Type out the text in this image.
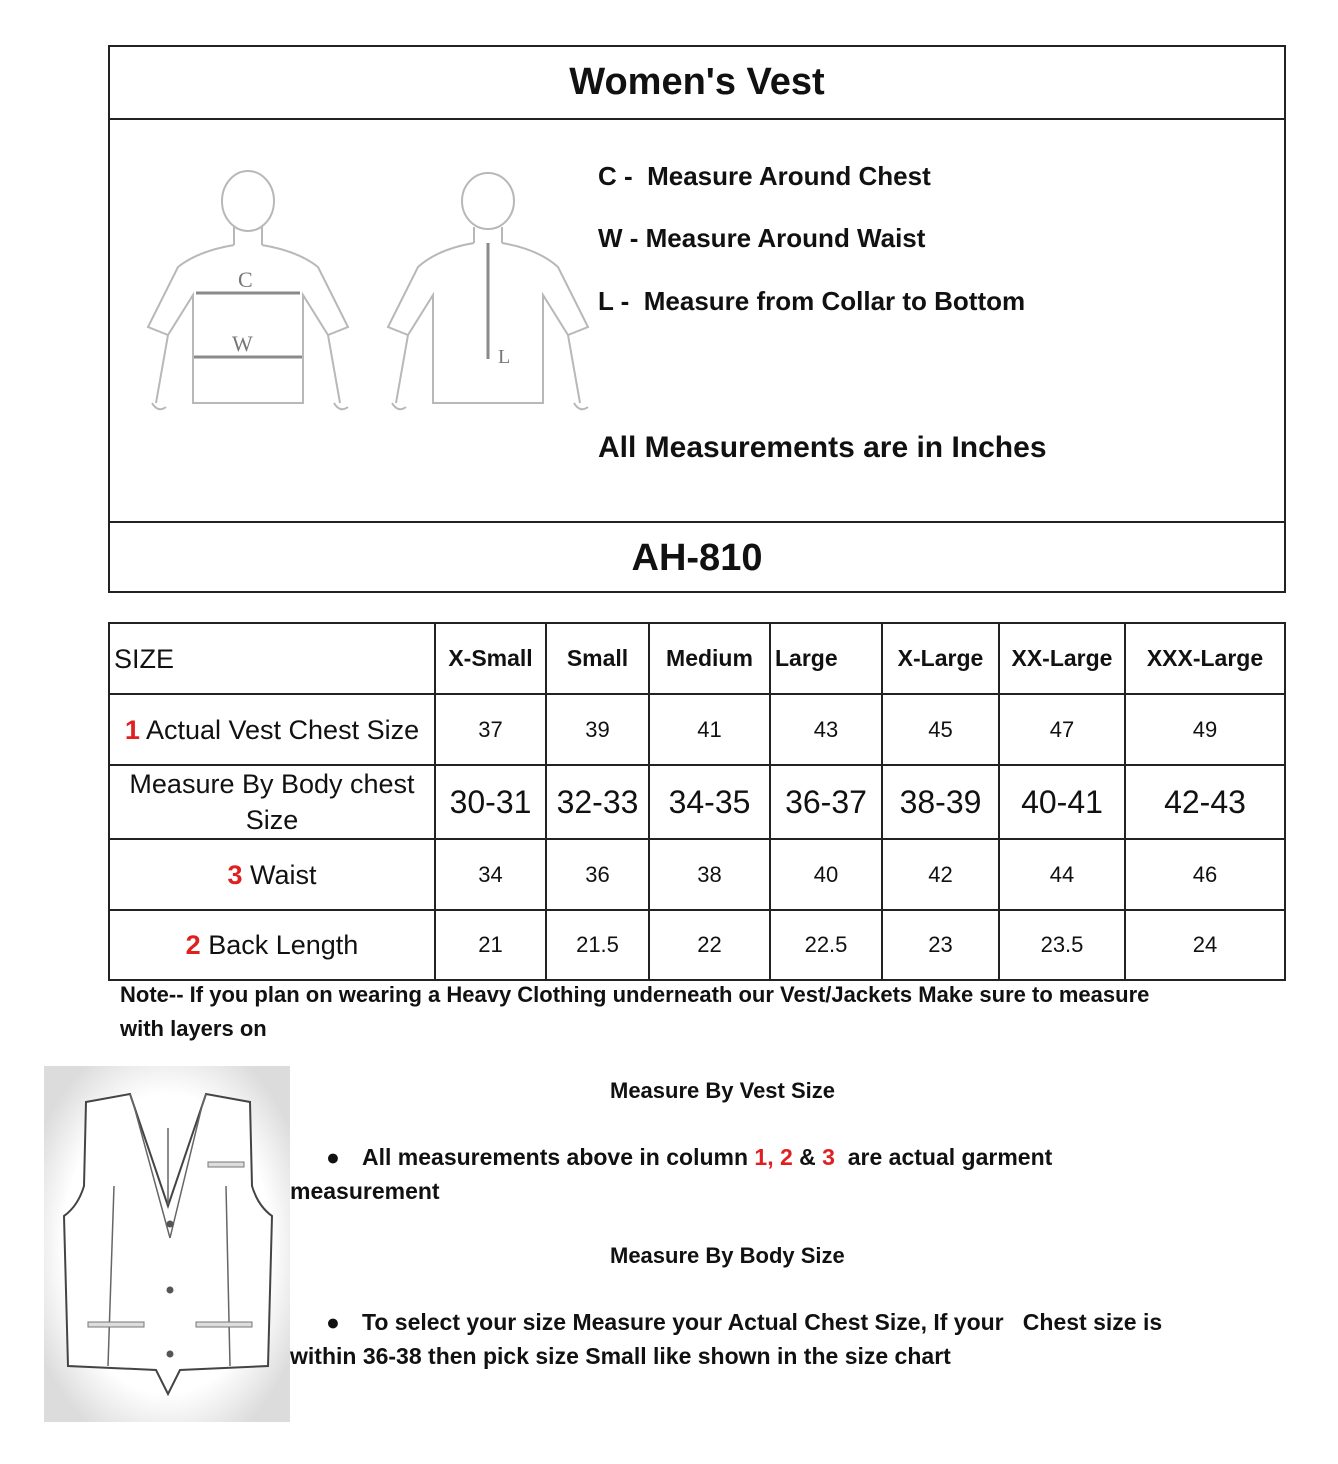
Women's Vest
C
W
L
C -  Measure Around Chest
W - Measure Around Waist
L -  Measure from Collar to Bottom
All Measurements are in Inches
AH-810
SIZE	X-Small	Small	Medium	Large	X-Large	XX-Large	XXX-Large
1 Actual Vest Chest Size	37	39	41	43	45	47	49
Measure By Body chest Size	30-31	32-33	34-35	36-37	38-39	40-41	42-43
3 Waist	34	36	38	40	42	44	46
2 Back Length	21	21.5	22	22.5	23	23.5	24
Note-- If you plan on wearing a Heavy Clothing underneath our Vest/Jackets Make sure to measure with layers on
Measure By Vest Size
● All measurements above in column 1, 2 & 3  are actual garment measurement
Measure By Body Size
● To select your size Measure your Actual Chest Size, If your   Chest size is within 36-38 then pick size Small like shown in the size chart
